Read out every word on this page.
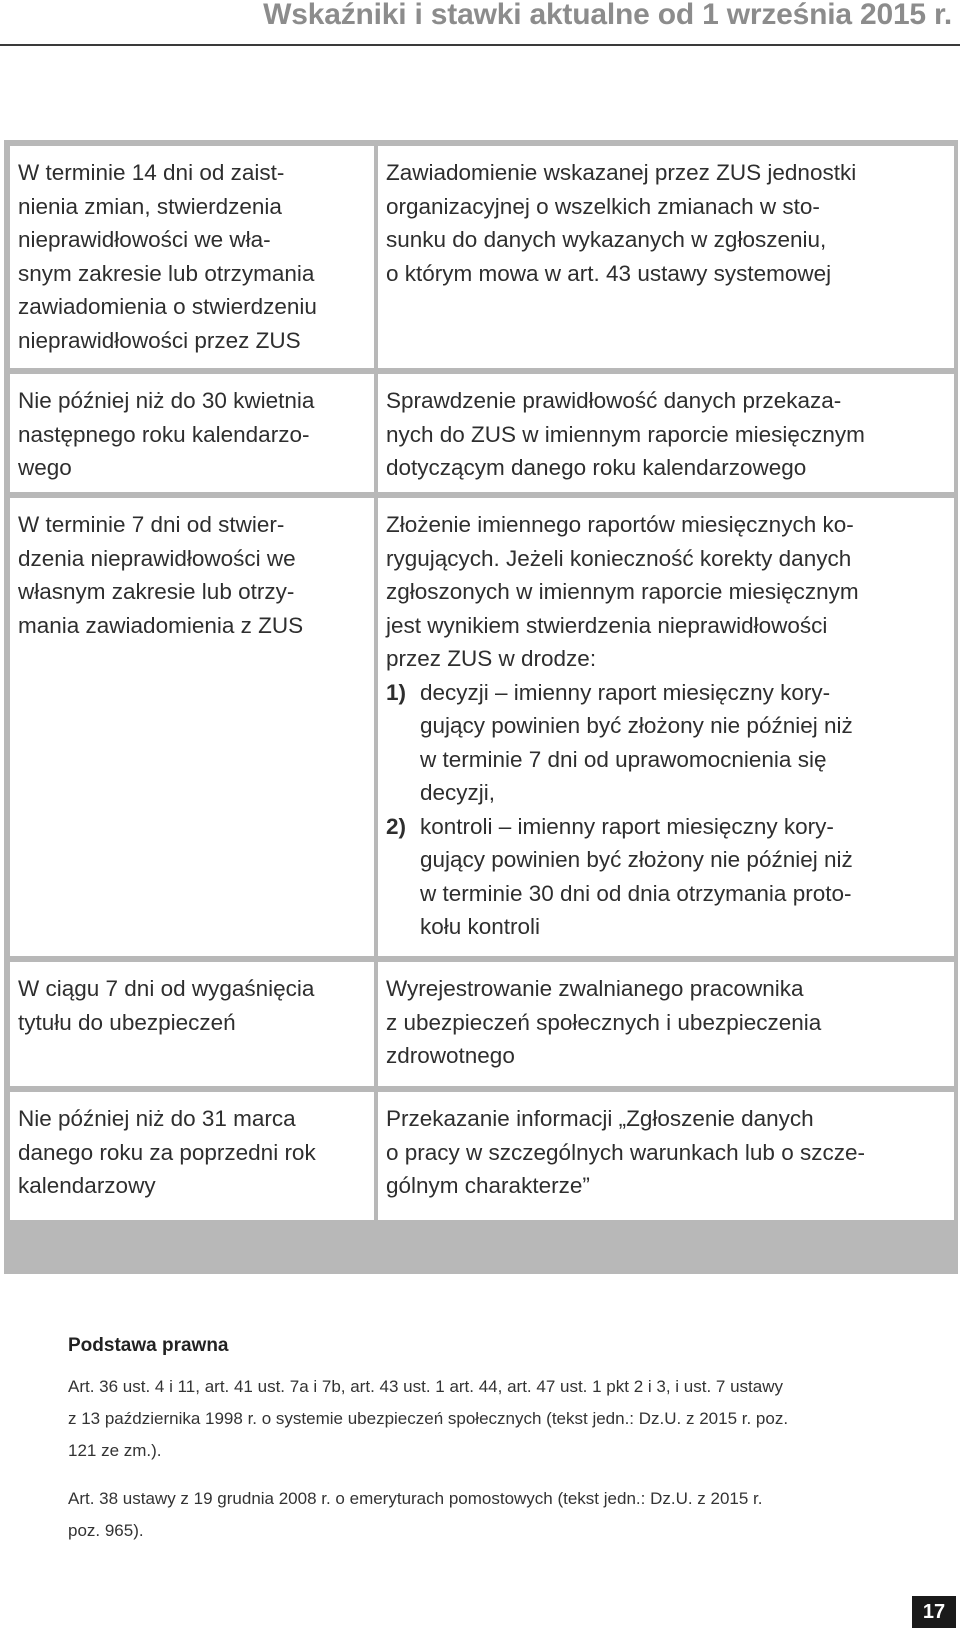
Wskaźniki i stawki aktualne od 1 września 2015 r.
W terminie 14 dni od zaist-
nienia zmian, stwierdzenia
nieprawidłowości we wła-
snym zakresie lub otrzymania
zawiadomienia o stwierdzeniu
nieprawidłowości przez ZUS
Zawiadomienie wskazanej przez ZUS jednostki
organizacyjnej o wszelkich zmianach w sto-
sunku do danych wykazanych w zgłoszeniu,
o którym mowa w art. 43 ustawy systemowej
Nie później niż do 30 kwietnia
następnego roku kalendarzo-
wego
Sprawdzenie prawidłowość danych przekaza-
nych do ZUS w imiennym raporcie miesięcznym
dotyczącym danego roku kalendarzowego
W terminie 7 dni od stwier-
dzenia nieprawidłowości we
własnym zakresie lub otrzy-
mania zawiadomienia z ZUS
Złożenie imiennego raportów miesięcznych ko-
rygujących. Jeżeli konieczność korekty danych
zgłoszonych w imiennym raporcie miesięcznym
jest wynikiem stwierdzenia nieprawidłowości
przez ZUS w drodze:
1) decyzji – imienny raport miesięczny kory-
gujący powinien być złożony nie później niż
w terminie 7 dni od uprawomocnienia się
decyzji,
2) kontroli – imienny raport miesięczny kory-
gujący powinien być złożony nie później niż
w terminie 30 dni od dnia otrzymania proto-
kołu kontroli
W ciągu 7 dni od wygaśnięcia
tytułu do ubezpieczeń
Wyrejestrowanie zwalnianego pracownika
z ubezpieczeń społecznych i ubezpieczenia
zdrowotnego
Nie później niż do 31 marca
danego roku za poprzedni rok
kalendarzowy
Przekazanie informacji „Zgłoszenie danych
o pracy w szczególnych warunkach lub o szcze-
gólnym charakterze”
Podstawa prawna
Art. 36 ust. 4 i 11, art. 41 ust. 7a i 7b, art. 43 ust. 1 art. 44, art. 47 ust. 1 pkt 2 i 3, i ust. 7 ustawy
z 13 października 1998 r. o systemie ubezpieczeń społecznych (tekst jedn.: Dz.U. z 2015 r. poz.
121 ze zm.).
Art. 38 ustawy z 19 grudnia 2008 r. o emeryturach pomostowych (tekst jedn.: Dz.U. z 2015 r.
poz. 965).
17
